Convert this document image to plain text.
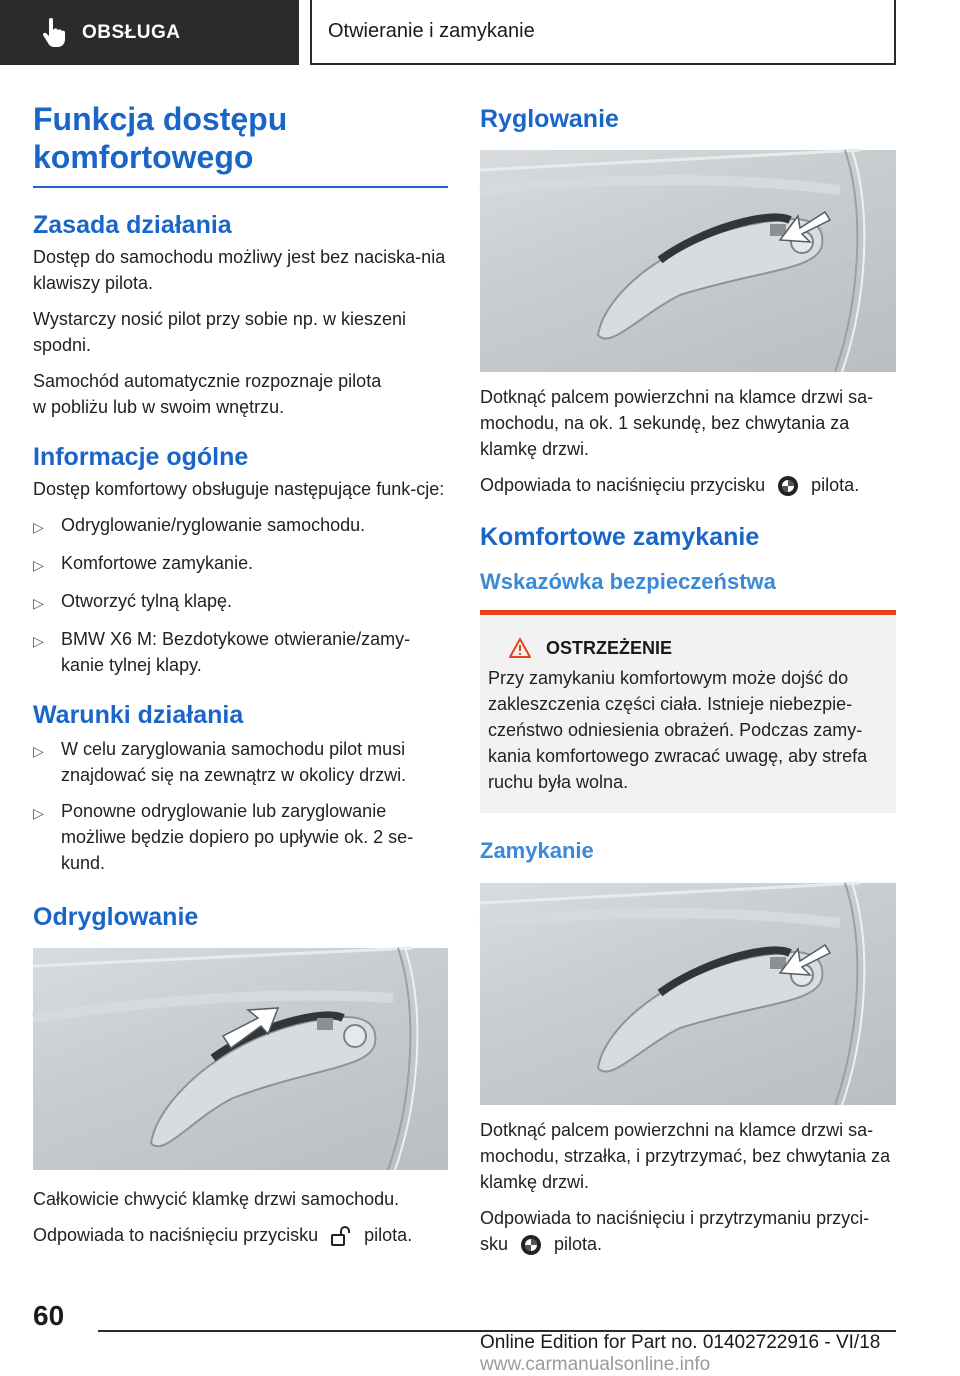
OBSŁUGA	Otwieranie i zamykanie
Funkcja dostępu
komfortowego
Zasada działania
Dostęp do samochodu możliwy jest bez naciska‐nia klawiszy pilota.
Wystarczy nosić pilot przy sobie np. w kieszeni spodni.
Samochód automatycznie rozpoznaje pilota
w pobliżu lub w swoim wnętrzu.
Informacje ogólne
Dostęp komfortowy obsługuje następujące funk‐cje:
▷ Odryglowanie/ryglowanie samochodu.
▷ Komfortowe zamykanie.
▷ Otworzyć tylną klapę.
▷ BMW X6 M: Bezdotykowe otwieranie/zamy‐kanie tylnej klapy.
Warunki działania
▷ W celu zaryglowania samochodu pilot musi znajdować się na zewnątrz w okolicy drzwi.
▷ Ponowne odryglowanie lub zaryglowanie możliwe będzie dopiero po upływie ok. 2 se‐kund.
Odryglowanie
Całkowicie chwycić klamkę drzwi samochodu.
Odpowiada to naciśnięciu przycisku	pilota.
Ryglowanie
Dotknąć palcem powierzchni na klamce drzwi sa‐mochodu, na ok. 1 sekundę, bez chwytania za klamkę drzwi.
Odpowiada to naciśnięciu przycisku	pilota.
Komfortowe zamykanie
Wskazówka bezpieczeństwa
OSTRZEŻENIE
Przy zamykaniu komfortowym może dojść do zakleszczenia części ciała. Istnieje niebezpie‐czeństwo odniesienia obrażeń. Podczas zamy‐kania komfortowego zwracać uwagę, aby strefa ruchu była wolna.
Zamykanie
Dotknąć palcem powierzchni na klamce drzwi sa‐mochodu, strzałka, i przytrzymać, bez chwytania za klamkę drzwi.
Odpowiada to naciśnięciu i przytrzymaniu przyci‐sku	pilota.
60
Online Edition for Part no. 01402722916 - VI/18 www.carmanualsonline.info
